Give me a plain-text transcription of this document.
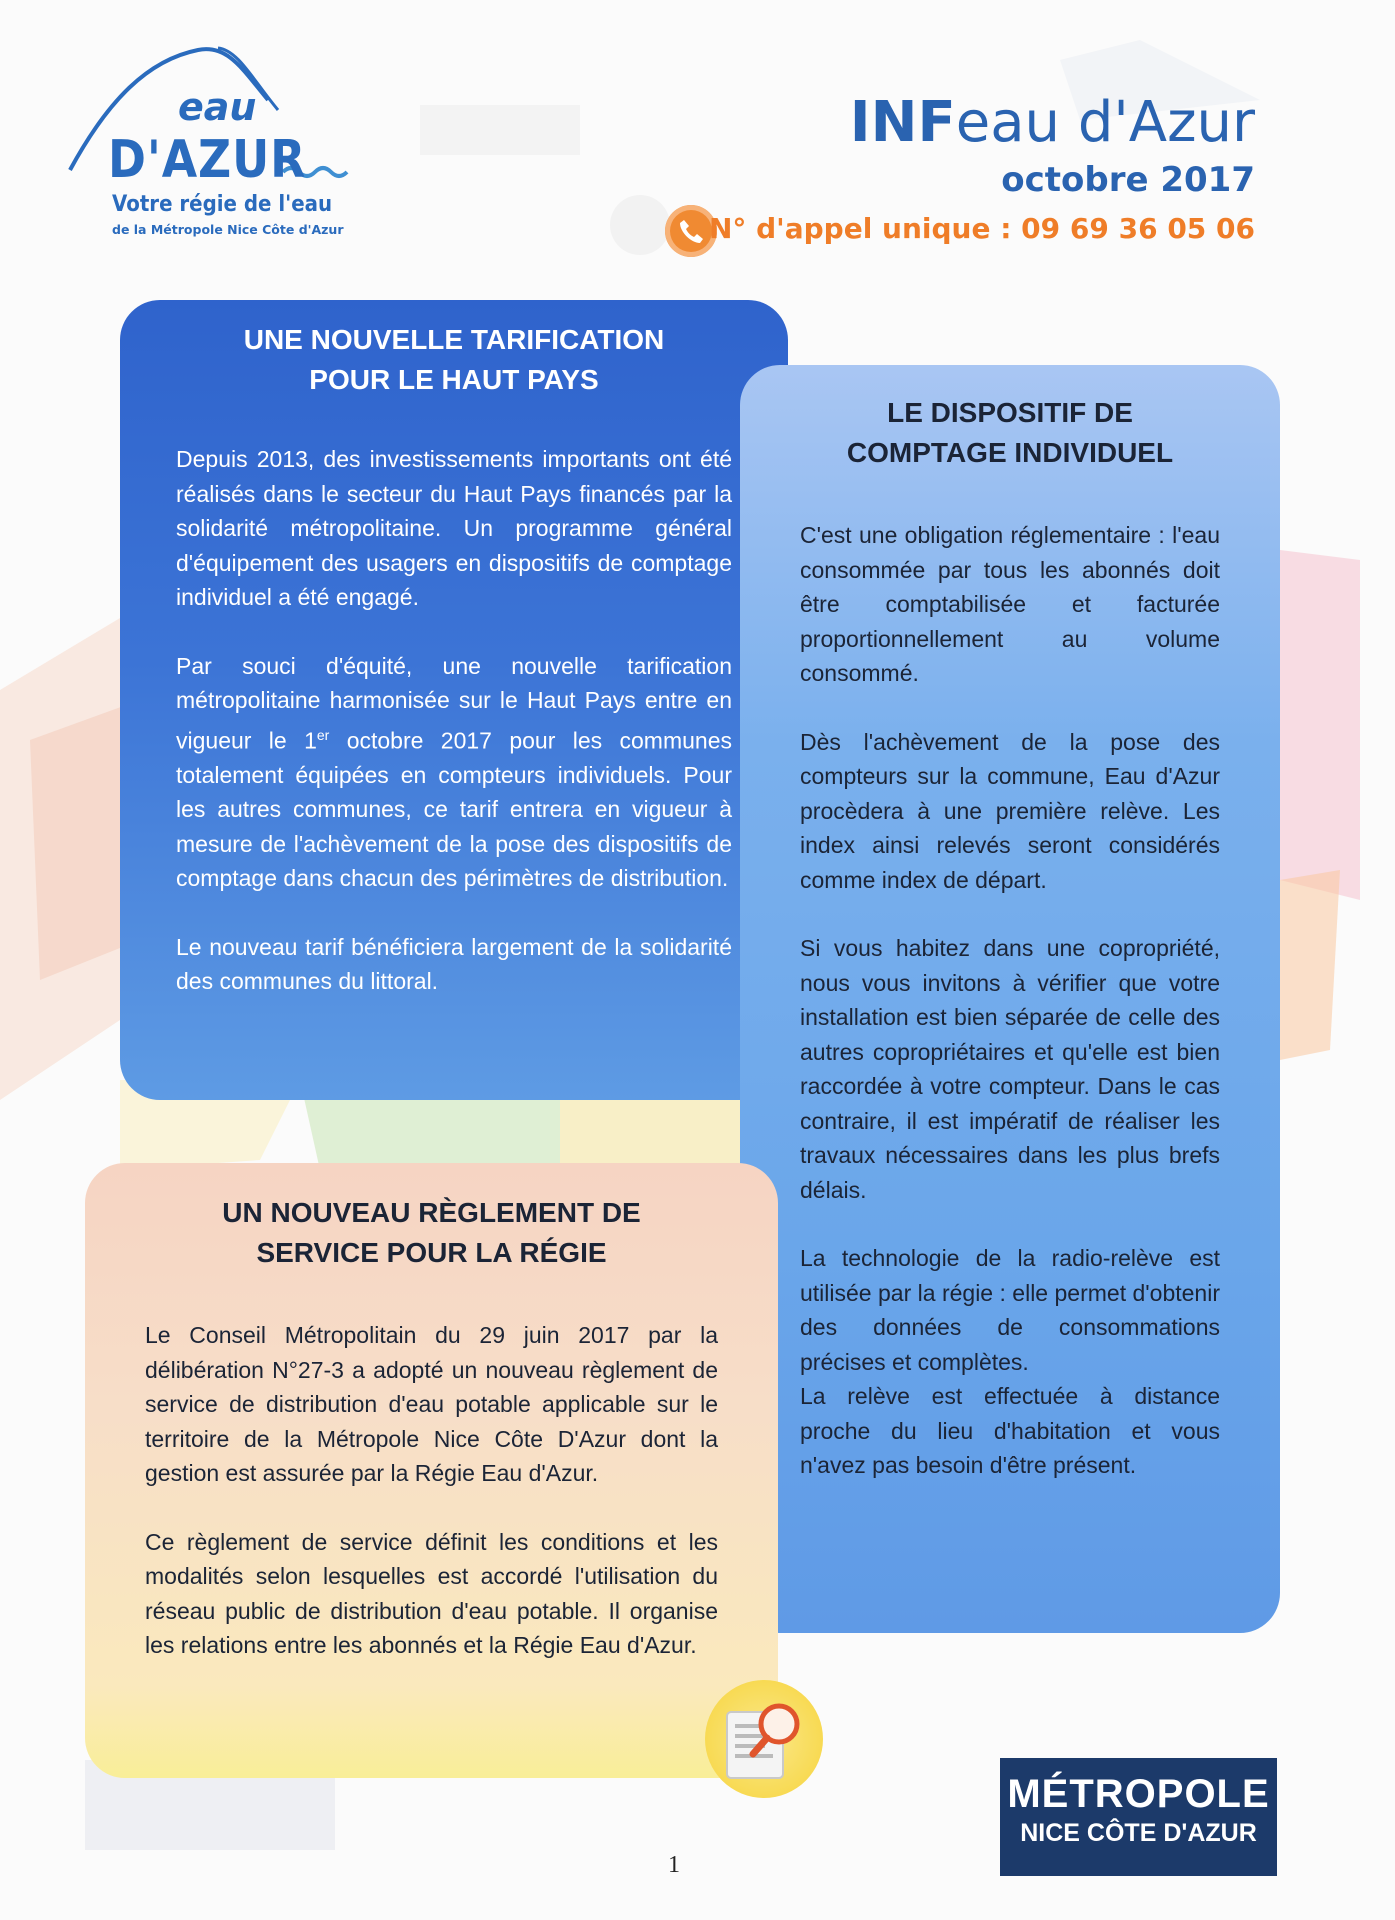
eau
D'AZUR
Votre régie de l'eau
de la Métropole Nice Côte d'Azur
INFeau d'Azur
octobre 2017
N° d'appel unique : 09 69 36 05 06
UNE NOUVELLE TARIFICATION
POUR LE HAUT PAYS

Depuis 2013, des investissements importants ont été réalisés dans le secteur du Haut Pays financés par la solidarité métropolitaine. Un programme général d'équipement des usagers en dispositifs de comptage individuel a été engagé.

Par souci d'équité, une nouvelle tarification métropolitaine harmonisée sur le Haut Pays entre en vigueur le 1er octobre 2017 pour les communes totalement équipées en compteurs individuels. Pour les autres communes, ce tarif entrera en vigueur à mesure de l'achèvement de la pose des dispositifs de comptage dans chacun des périmètres de distribution.

Le nouveau tarif bénéficiera largement de la solidarité des communes du littoral.

LE DISPOSITIF DE
COMPTAGE INDIVIDUEL

C'est une obligation réglementaire : l'eau consommée par tous les abonnés doit être comptabilisée et facturée proportionnellement au volume consommé.

Dès l'achèvement de la pose des compteurs sur la commune, Eau d'Azur procèdera à une première relève. Les index ainsi relevés seront considérés comme index de départ.

Si vous habitez dans une copropriété, nous vous invitons à vérifier que votre installation est bien séparée de celle des autres copropriétaires et qu'elle est bien raccordée à votre compteur. Dans le cas contraire, il est impératif de réaliser les travaux nécessaires dans les plus brefs délais.

La technologie de la radio-relève est utilisée par la régie : elle permet d'obtenir des données de consommations précises et complètes.

La relève est effectuée à distance proche du lieu d'habitation et vous n'avez pas besoin d'être présent.

UN NOUVEAU RÈGLEMENT DE
SERVICE POUR LA RÉGIE

Le Conseil Métropolitain du 29 juin 2017 par la délibération N°27-3 a adopté un nouveau règlement de service de distribution d'eau potable applicable sur le territoire de la Métropole Nice Côte D'Azur dont la gestion est assurée par la Régie Eau d'Azur.

Ce règlement de service définit les conditions et les modalités selon lesquelles est accordé l'utilisation du réseau public de distribution d'eau potable. Il organise les relations entre les abonnés et la Régie Eau d'Azur.

MÉTROPOLE
NICE CÔTE D'AZUR
1
